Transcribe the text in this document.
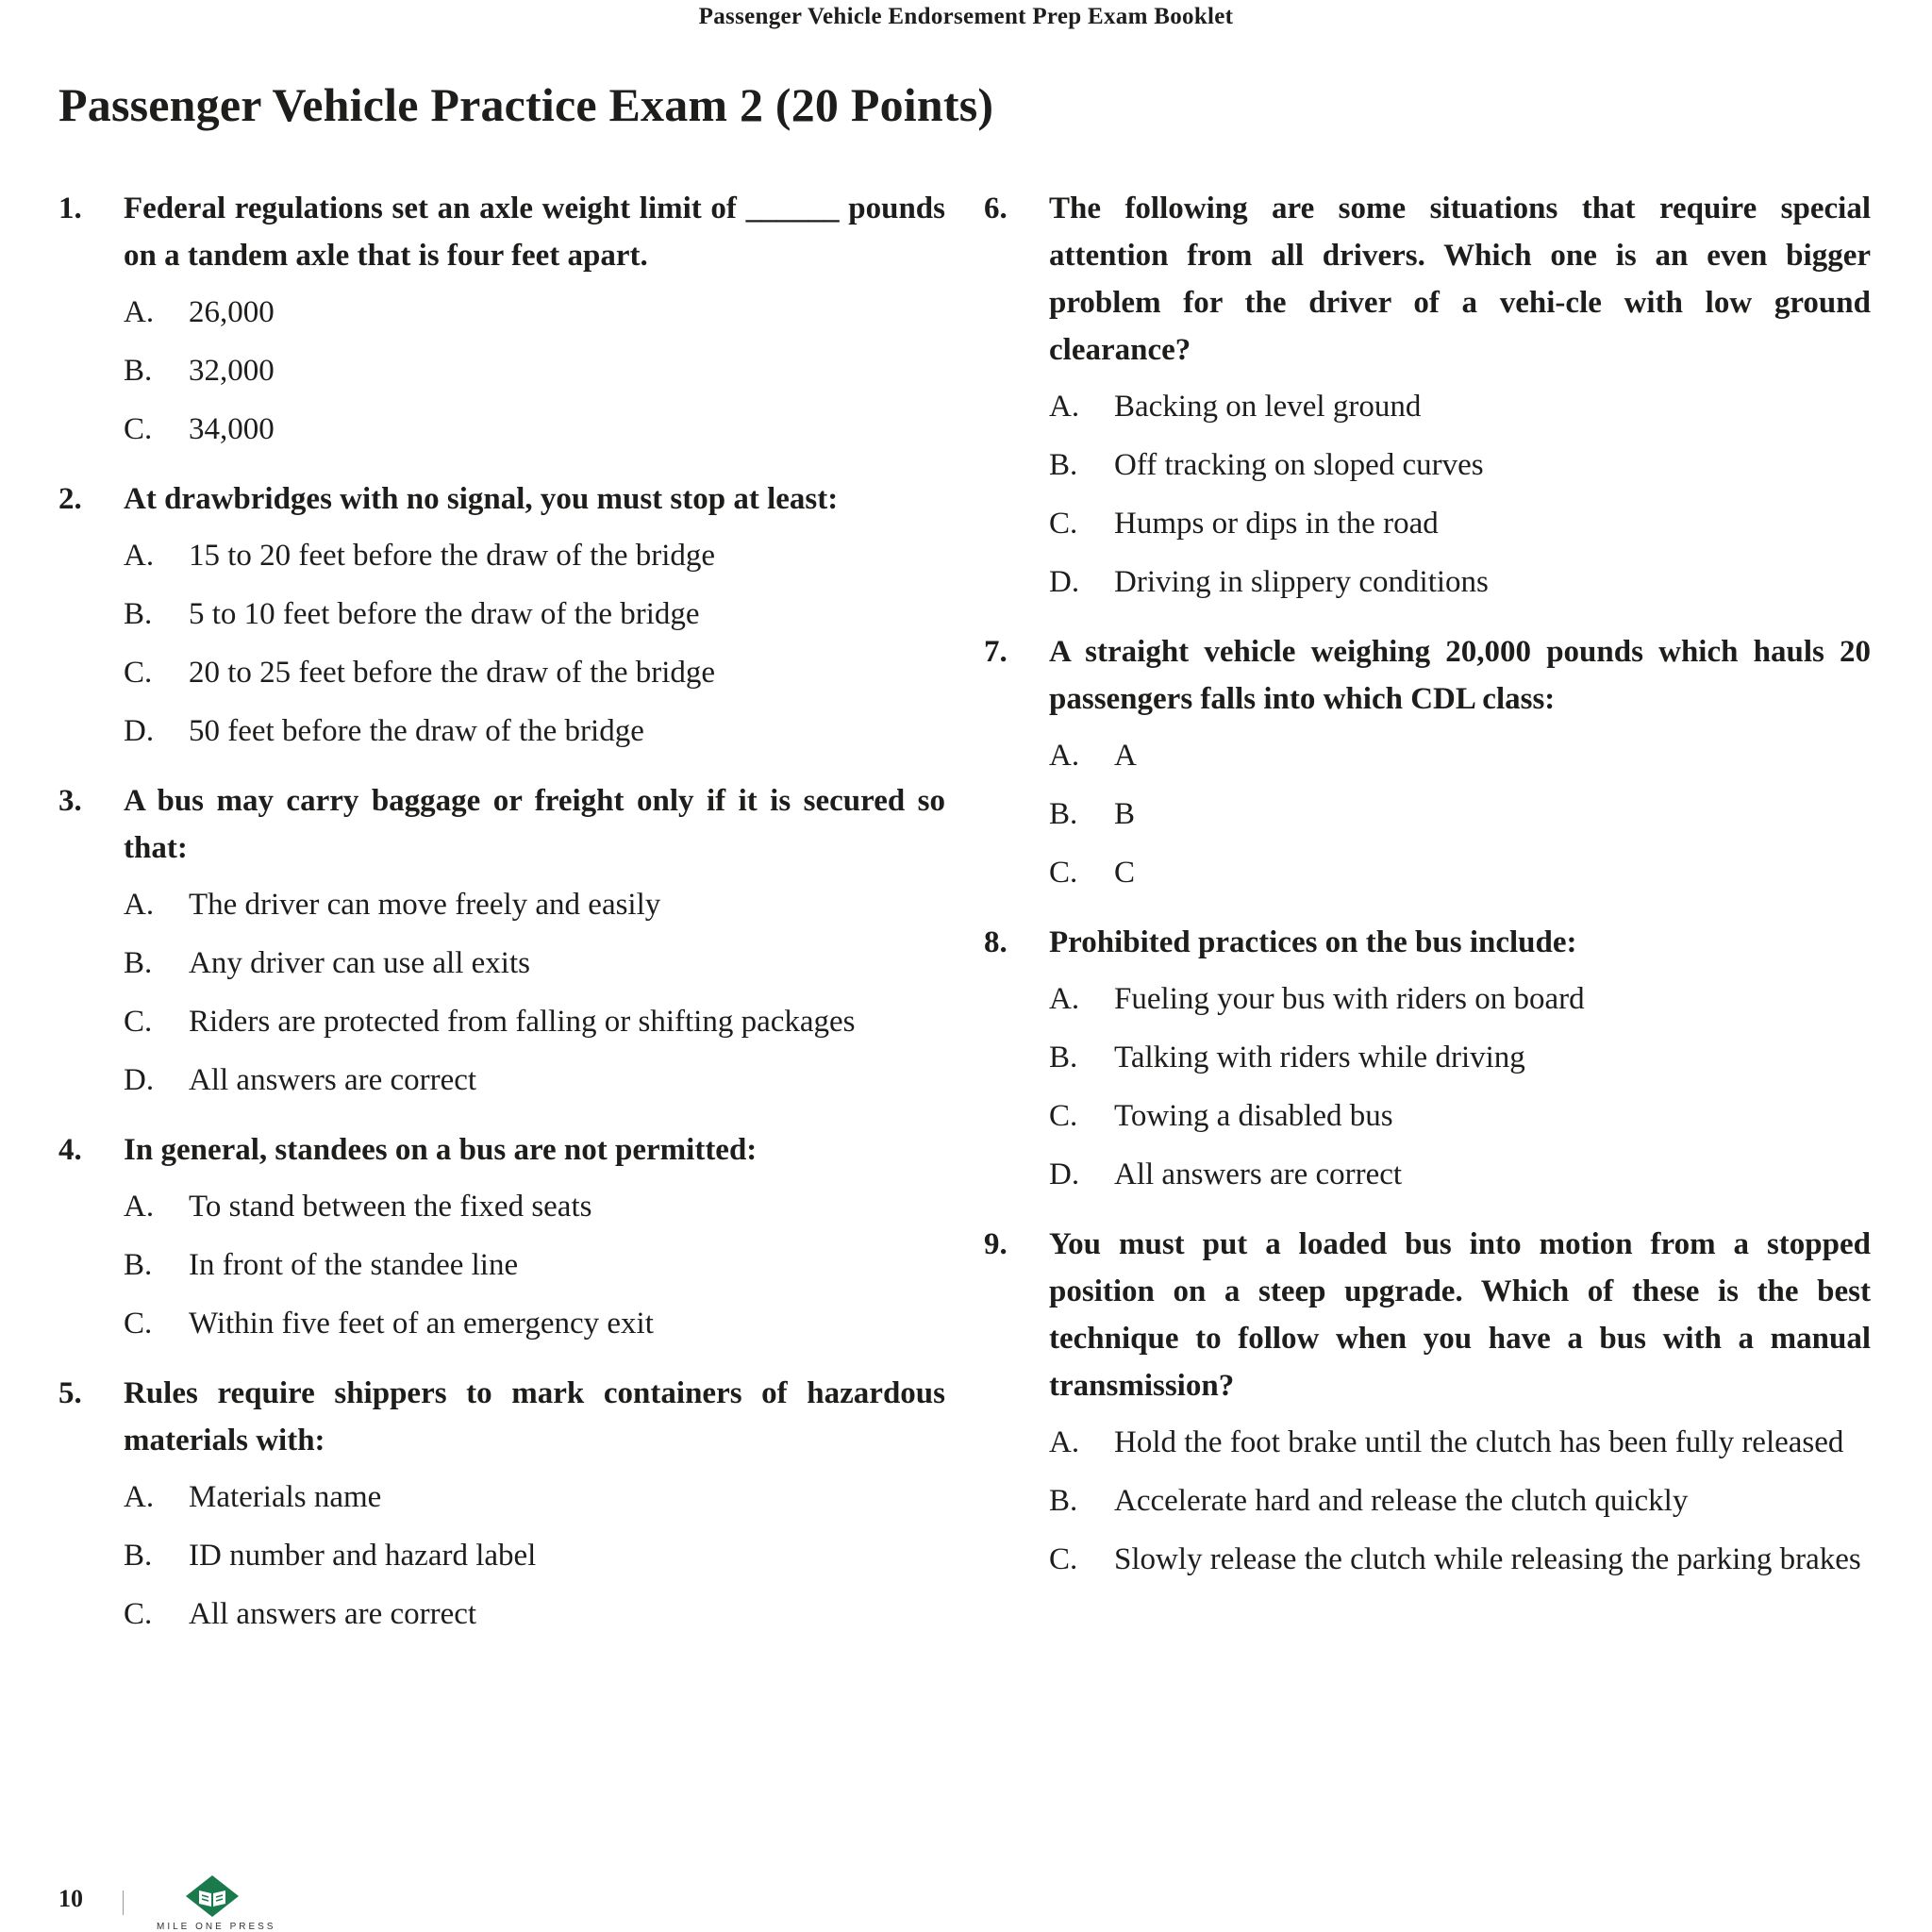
Passenger Vehicle Endorsement Prep Exam Booklet
Passenger Vehicle Practice Exam 2 (20 Points)
1. Federal regulations set an axle weight limit of ______ pounds on a tandem axle that is four feet apart.

A. 26,000
B. 32,000
C. 34,000
2. At drawbridges with no signal, you must stop at least:

A. 15 to 20 feet before the draw of the bridge
B. 5 to 10 feet before the draw of the bridge
C. 20 to 25 feet before the draw of the bridge
D. 50 feet before the draw of the bridge
3. A bus may carry baggage or freight only if it is secured so that:

A. The driver can move freely and easily
B. Any driver can use all exits
C. Riders are protected from falling or shifting packages
D. All answers are correct
4. In general, standees on a bus are not permitted:

A. To stand between the fixed seats
B. In front of the standee line
C. Within five feet of an emergency exit
5. Rules require shippers to mark containers of hazardous materials with:

A. Materials name
B. ID number and hazard label
C. All answers are correct
6. The following are some situations that require special attention from all drivers. Which one is an even bigger problem for the driver of a vehi-cle with low ground clearance?

A. Backing on level ground
B. Off tracking on sloped curves
C. Humps or dips in the road
D. Driving in slippery conditions
7. A straight vehicle weighing 20,000 pounds which hauls 20 passengers falls into which CDL class:

A. A
B. B
C. C
8. Prohibited practices on the bus include:

A. Fueling your bus with riders on board
B. Talking with riders while driving
C. Towing a disabled bus
D. All answers are correct
9. You must put a loaded bus into motion from a stopped position on a steep upgrade. Which of these is the best technique to follow when you have a bus with a manual transmission?

A. Hold the foot brake until the clutch has been fully released
B. Accelerate hard and release the clutch quickly
C. Slowly release the clutch while releasing the parking brakes
10
MILE ONE PRESS
